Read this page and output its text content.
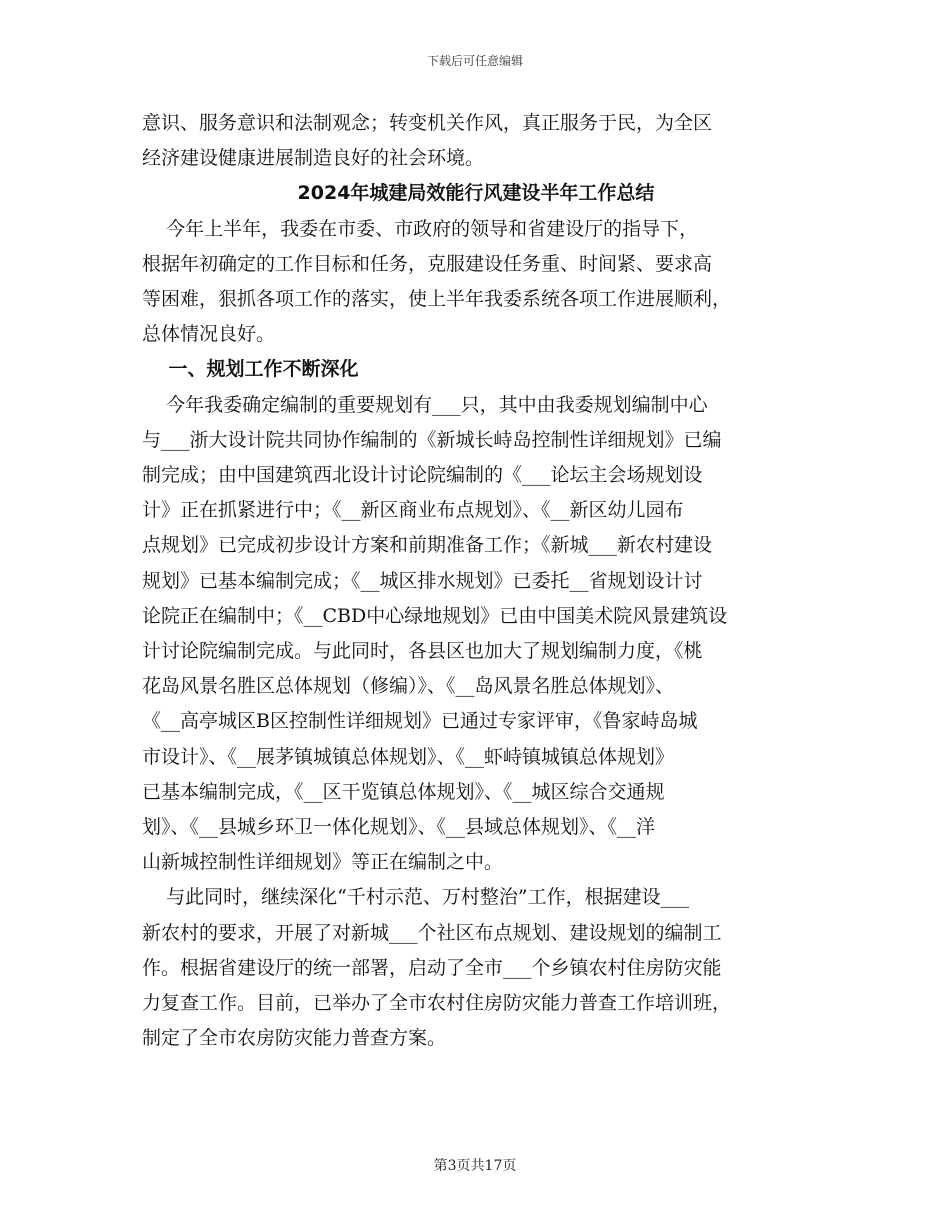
下载后可任意编辑

意识、服务意识和法制观念；转变机关作风，真正服务于民，为全区

经济建设健康进展制造良好的社会环境。

2024年城建局效能行风建设半年工作总结

今年上半年，我委在市委、市政府的领导和省建设厅的指导下，

根据年初确定的工作目标和任务，克服建设任务重、时间紧、要求高

等困难，狠抓各项工作的落实，使上半年我委系统各项工作进展顺利，

总体情况良好。

一、规划工作不断深化

今年我委确定编制的重要规划有___只，其中由我委规划编制中心

与___浙大设计院共同协作编制的《新城长峙岛控制性详细规划》已编

制完成；由中国建筑西北设计讨论院编制的《___论坛主会场规划设

计》正在抓紧进行中；《__新区商业布点规划》、《__新区幼儿园布

点规划》已完成初步设计方案和前期准备工作；《新城___新农村建设

规划》已基本编制完成；《__城区排水规划》已委托__省规划设计讨

论院正在编制中；《__CBD中心绿地规划》已由中国美术院风景建筑设

计讨论院编制完成。与此同时，各县区也加大了规划编制力度，《桃

花岛风景名胜区总体规划（修编）》、《__岛风景名胜总体规划》、

《__高亭城区B区控制性详细规划》已通过专家评审，《鲁家峙岛城

市设计》、《__展茅镇城镇总体规划》、《__虾峙镇城镇总体规划》

已基本编制完成，《__区干览镇总体规划》、《__城区综合交通规

划》、《__县城乡环卫一体化规划》、《__县域总体规划》、《__洋

山新城控制性详细规划》等正在编制之中。

与此同时，继续深化“千村示范、万村整治”工作，根据建设___

新农村的要求，开展了对新城___个社区布点规划、建设规划的编制工

作。根据省建设厅的统一部署，启动了全市___个乡镇农村住房防灾能

力复查工作。目前，已举办了全市农村住房防灾能力普查工作培训班，

制定了全市农房防灾能力普查方案。

第3页共17页
